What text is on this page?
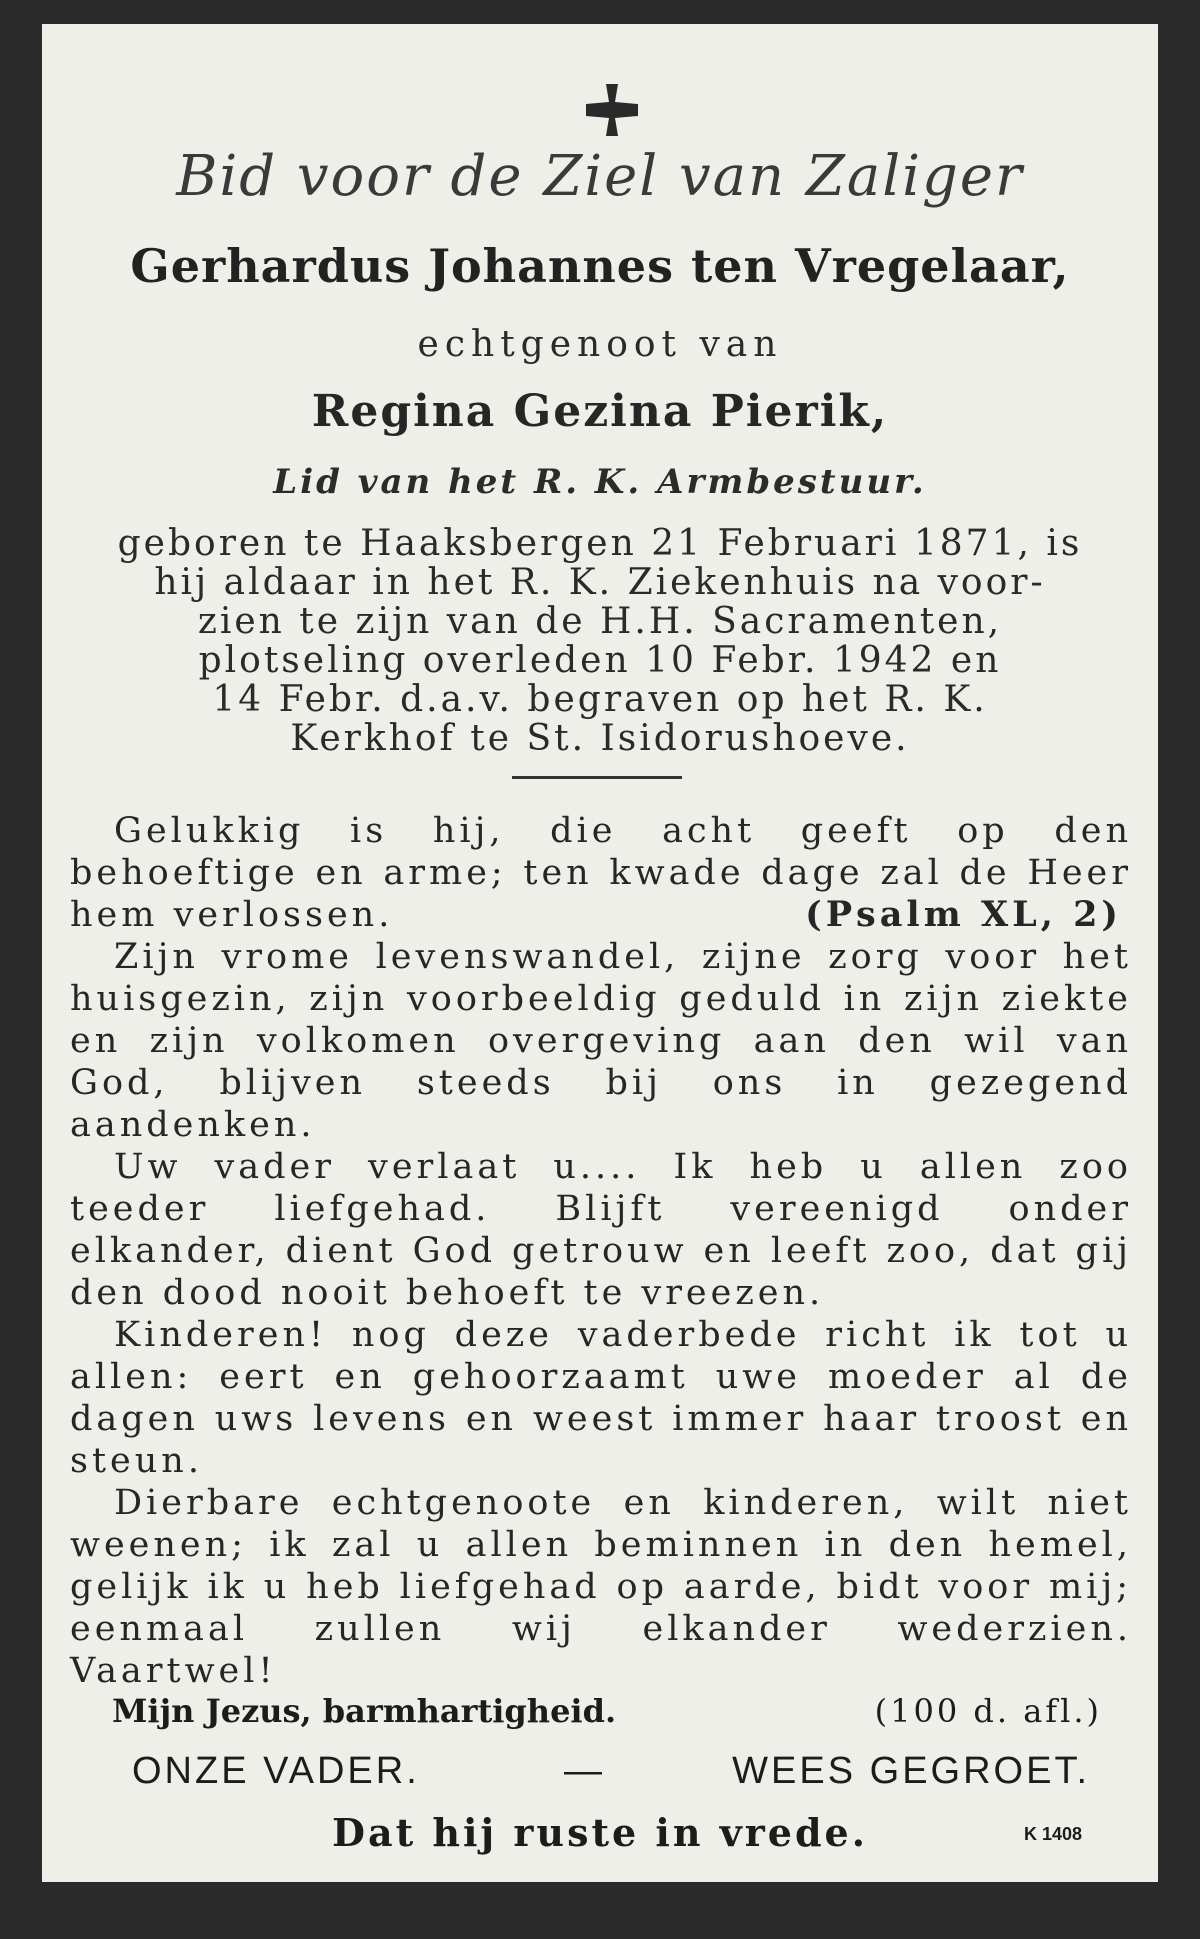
Bid voor de Ziel van Zaliger
Gerhardus Johannes ten Vregelaar,
echtgenoot van
Regina Gezina Pierik,
Lid van het R. K. Armbestuur.
geboren te Haaksbergen 21 Februari 1871, is
hij aldaar in het R. K. Ziekenhuis na voor-
zien te zijn van de H.H. Sacramenten,
plotseling overleden 10 Febr. 1942 en
14 Febr. d.a.v. begraven op het R. K.
Kerkhof te St. Isidorushoeve.

Gelukkig is hij, die acht geeft op den behoeftige en arme; ten kwade dage zal de Heer hem verlossen.	(Psalm XL, 2)

Zijn vrome levenswandel, zijne zorg voor het huisgezin, zijn voorbeeldig geduld in zijn ziekte en zijn volkomen overgeving aan den wil van God, blijven steeds bij ons in gezegend aandenken.

Uw vader verlaat u.... Ik heb u allen zoo teeder liefgehad. Blijft vereenigd onder elkander, dient God getrouw en leeft zoo, dat gij den dood nooit behoeft te vreezen.

Kinderen! nog deze vaderbede richt ik tot u allen: eert en gehoorzaamt uwe moeder al de dagen uws levens en weest immer haar troost en steun.

Dierbare echtgenoote en kinderen, wilt niet weenen; ik zal u allen beminnen in den hemel, gelijk ik u heb liefgehad op aarde, bidt voor mij; eenmaal zullen wij elkander wederzien. Vaartwel!

Mijn Jezus, barmhartigheid.	(100 d. afl.)
ONZE VADER.	—	WEES GEGROET.
Dat hij ruste in vrede.	K 1408
